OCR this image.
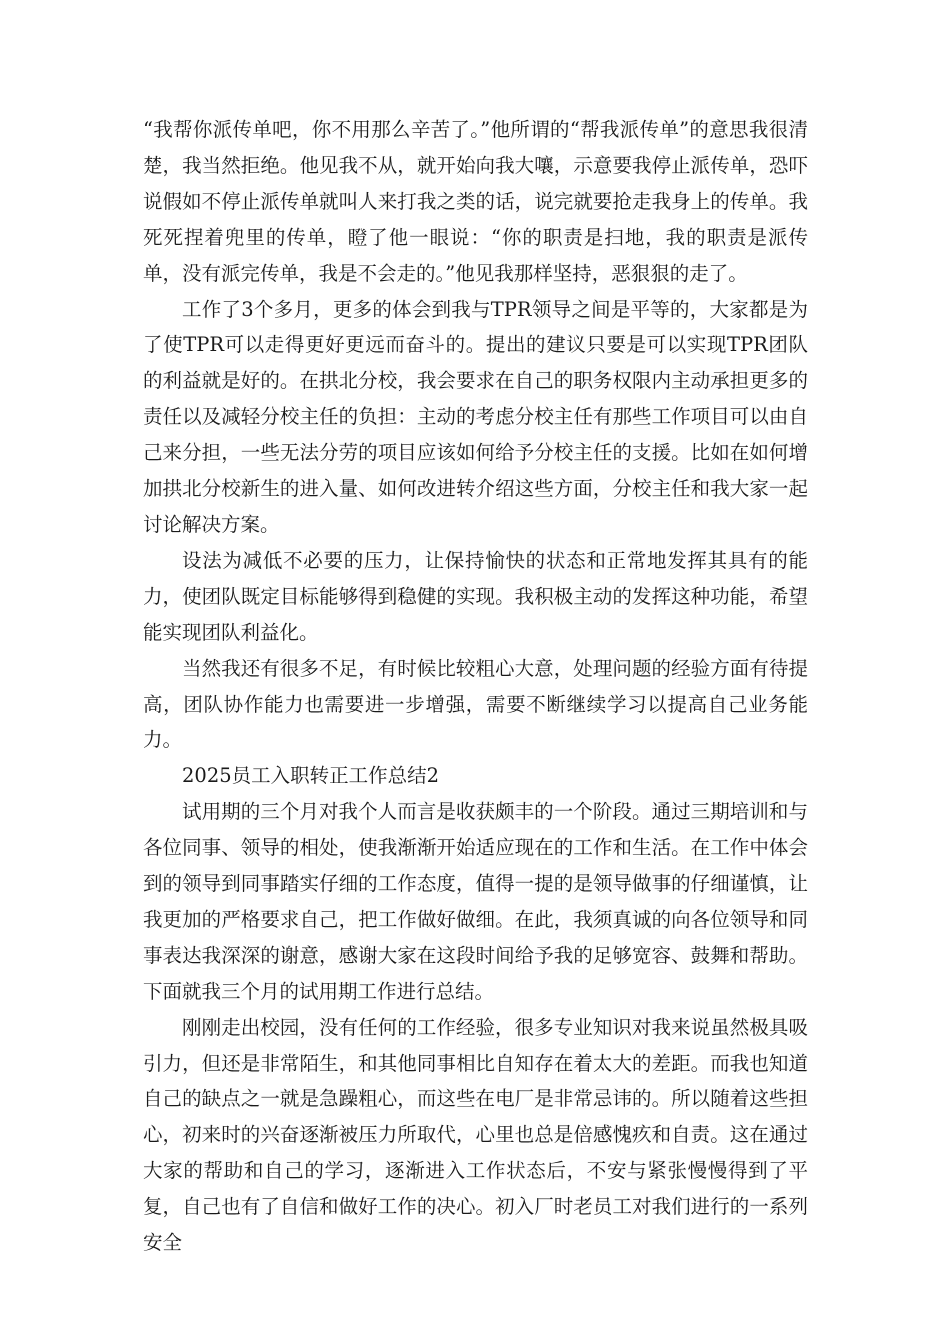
“我帮你派传单吧，你不用那么辛苦了。”他所谓的“帮我派传单”的意思我很清楚，我当然拒绝。他见我不从，就开始向我大嚷，示意要我停止派传单，恐吓说假如不停止派传单就叫人来打我之类的话，说完就要抢走我身上的传单。我死死捏着兜里的传单，瞪了他一眼说：“你的职责是扫地，我的职责是派传单，没有派完传单，我是不会走的。”他见我那样坚持，恶狠狠的走了。

工作了3个多月，更多的体会到我与TPR领导之间是平等的，大家都是为了使TPR可以走得更好更远而奋斗的。提出的建议只要是可以实现TPR团队的利益就是好的。在拱北分校，我会要求在自己的职务权限内主动承担更多的责任以及减轻分校主任的负担：主动的考虑分校主任有那些工作项目可以由自己来分担，一些无法分劳的项目应该如何给予分校主任的支援。比如在如何增加拱北分校新生的进入量、如何改进转介绍这些方面，分校主任和我大家一起讨论解决方案。

设法为减低不必要的压力，让保持愉快的状态和正常地发挥其具有的能力，使团队既定目标能够得到稳健的实现。我积极主动的发挥这种功能，希望能实现团队利益化。

当然我还有很多不足，有时候比较粗心大意，处理问题的经验方面有待提高，团队协作能力也需要进一步增强，需要不断继续学习以提高自己业务能力。

2025员工入职转正工作总结2

试用期的三个月对我个人而言是收获颇丰的一个阶段。通过三期培训和与各位同事、领导的相处，使我渐渐开始适应现在的工作和生活。在工作中体会到的领导到同事踏实仔细的工作态度，值得一提的是领导做事的仔细谨慎，让我更加的严格要求自己，把工作做好做细。在此，我须真诚的向各位领导和同事表达我深深的谢意，感谢大家在这段时间给予我的足够宽容、鼓舞和帮助。下面就我三个月的试用期工作进行总结。

刚刚走出校园，没有任何的工作经验，很多专业知识对我来说虽然极具吸引力，但还是非常陌生，和其他同事相比自知存在着太大的差距。而我也知道自己的缺点之一就是急躁粗心，而这些在电厂是非常忌讳的。所以随着这些担心，初来时的兴奋逐渐被压力所取代，心里也总是倍感愧疚和自责。这在通过大家的帮助和自己的学习，逐渐进入工作状态后，不安与紧张慢慢得到了平复，自己也有了自信和做好工作的决心。初入厂时老员工对我们进行的一系列安全
